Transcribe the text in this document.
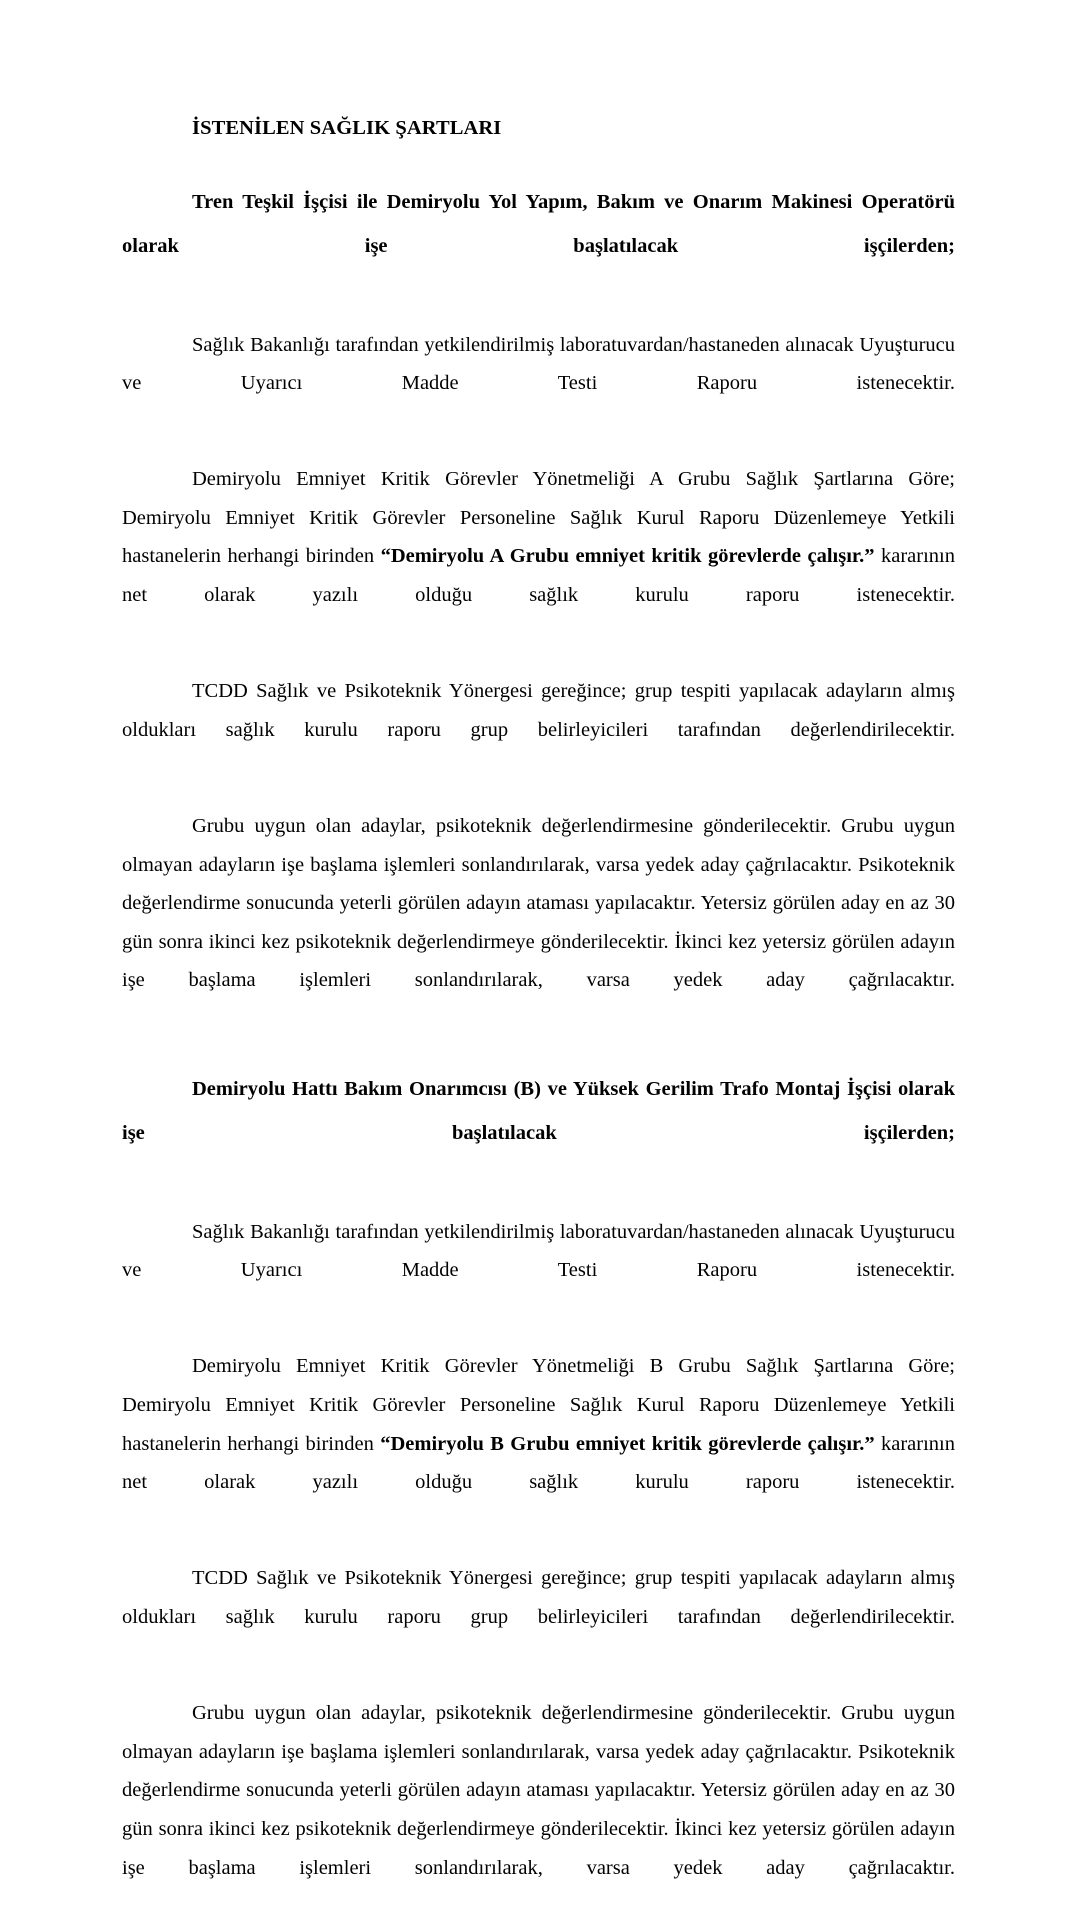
İSTENİLEN SAĞLIK ŞARTLARI

Tren Teşkil İşçisi ile Demiryolu Yol Yapım, Bakım ve Onarım Makinesi Operatörü olarak işe başlatılacak işçilerden;

Sağlık Bakanlığı tarafından yetkilendirilmiş laboratuvardan/hastaneden alınacak Uyuşturucu ve Uyarıcı Madde Testi Raporu istenecektir.

Demiryolu Emniyet Kritik Görevler Yönetmeliği A Grubu Sağlık Şartlarına Göre; Demiryolu Emniyet Kritik Görevler Personeline Sağlık Kurul Raporu Düzenlemeye Yetkili hastanelerin herhangi birinden “Demiryolu A Grubu emniyet kritik görevlerde çalışır.” kararının net olarak yazılı olduğu sağlık kurulu raporu istenecektir.

TCDD Sağlık ve Psikoteknik Yönergesi gereğince; grup tespiti yapılacak adayların almış oldukları sağlık kurulu raporu grup belirleyicileri tarafından değerlendirilecektir.

Grubu uygun olan adaylar, psikoteknik değerlendirmesine gönderilecektir. Grubu uygun olmayan adayların işe başlama işlemleri sonlandırılarak, varsa yedek aday çağrılacaktır. Psikoteknik değerlendirme sonucunda yeterli görülen adayın ataması yapılacaktır. Yetersiz görülen aday en az 30 gün sonra ikinci kez psikoteknik değerlendirmeye gönderilecektir. İkinci kez yetersiz görülen adayın işe başlama işlemleri sonlandırılarak, varsa yedek aday çağrılacaktır.

Demiryolu Hattı Bakım Onarımcısı (B) ve Yüksek Gerilim Trafo Montaj İşçisi olarak işe başlatılacak işçilerden;

Sağlık Bakanlığı tarafından yetkilendirilmiş laboratuvardan/hastaneden alınacak Uyuşturucu ve Uyarıcı Madde Testi Raporu istenecektir.

Demiryolu Emniyet Kritik Görevler Yönetmeliği B Grubu Sağlık Şartlarına Göre; Demiryolu Emniyet Kritik Görevler Personeline Sağlık Kurul Raporu Düzenlemeye Yetkili hastanelerin herhangi birinden “Demiryolu B Grubu emniyet kritik görevlerde çalışır.” kararının net olarak yazılı olduğu sağlık kurulu raporu istenecektir.

TCDD Sağlık ve Psikoteknik Yönergesi gereğince; grup tespiti yapılacak adayların almış oldukları sağlık kurulu raporu grup belirleyicileri tarafından değerlendirilecektir.

Grubu uygun olan adaylar, psikoteknik değerlendirmesine gönderilecektir. Grubu uygun olmayan adayların işe başlama işlemleri sonlandırılarak, varsa yedek aday çağrılacaktır. Psikoteknik değerlendirme sonucunda yeterli görülen adayın ataması yapılacaktır. Yetersiz görülen aday en az 30 gün sonra ikinci kez psikoteknik değerlendirmeye gönderilecektir. İkinci kez yetersiz görülen adayın işe başlama işlemleri sonlandırılarak, varsa yedek aday çağrılacaktır.
